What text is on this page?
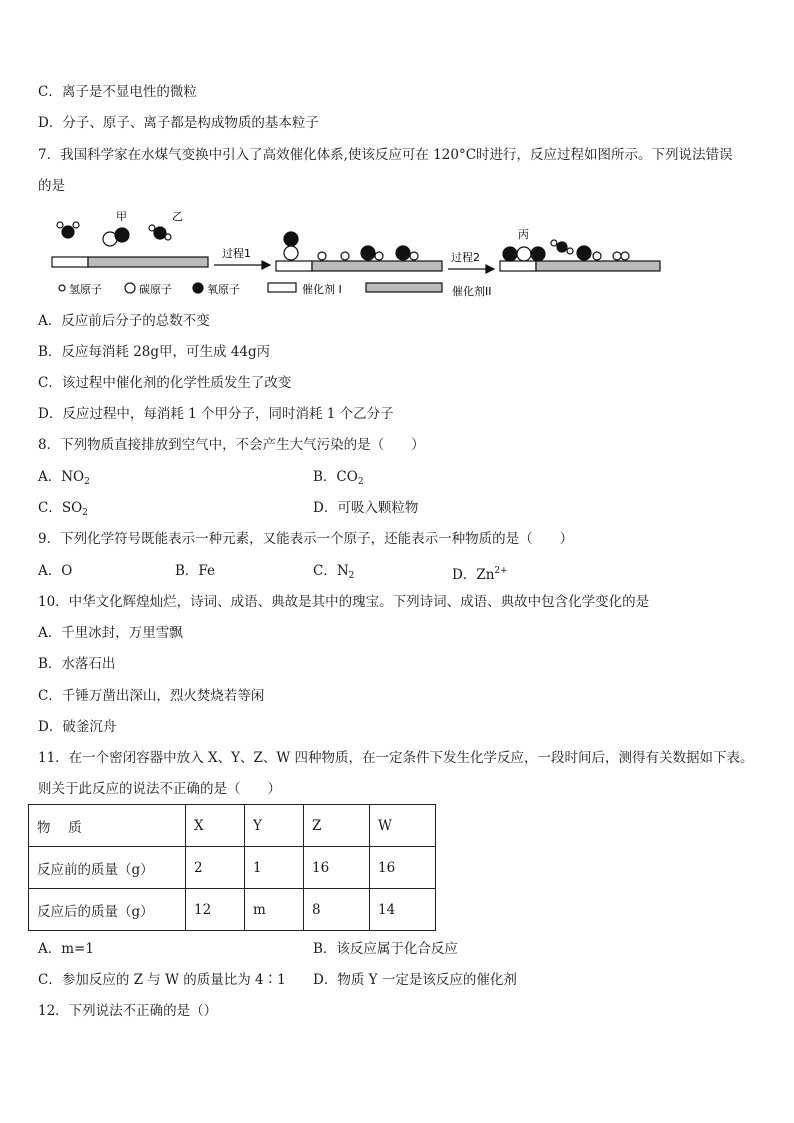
C．离子是不显电性的微粒
D．分子、原子、离子都是构成物质的基本粒子
7．我国科学家在水煤气变换中引入了高效催化体系,使该反应可在 120°C时进行，反应过程如图所示。下列说法错误
的是
甲	乙
丙
过程1	过程2
氢原子	碳原子	氧原子	催化剂 I	催化剂II
A．反应前后分子的总数不变
B．反应每消耗 28g甲，可生成 44g丙
C．该过程中催化剂的化学性质发生了改变
D．反应过程中，每消耗 1 个甲分子，同时消耗 1 个乙分子
8．下列物质直接排放到空气中，不会产生大气污染的是（　　）
A．$NO_2$	B．$CO_2$
C．$SO_2$	D．可吸入颗粒物
9．下列化学符号既能表示一种元素，又能表示一个原子，还能表示一种物质的是（　　）
A．O	B．Fe	C．$N_2$	D．$Zn^{2+}$
10．中华文化辉煌灿烂，诗词、成语、典故是其中的瑰宝。下列诗词、成语、典故中包含化学变化的是
A．千里冰封，万里雪飘
B．水落石出
C．千锤万凿出深山，烈火焚烧若等闲
D．破釜沉舟
11．在一个密闭容器中放入 X、Y、Z、W 四种物质，在一定条件下发生化学反应，一段时间后，测得有关数据如下表。
则关于此反应的说法不正确的是（　　）
物　 质	X	Y	Z	W
反应前的质量（g）	2	1	16	16
反应后的质量（g）	12	m	8	14
A．m=1	B．该反应属于化合反应
C．参加反应的 Z 与 W 的质量比为 4∶1 D．物质 Y 一定是该反应的催化剂
12．下列说法不正确的是（）
